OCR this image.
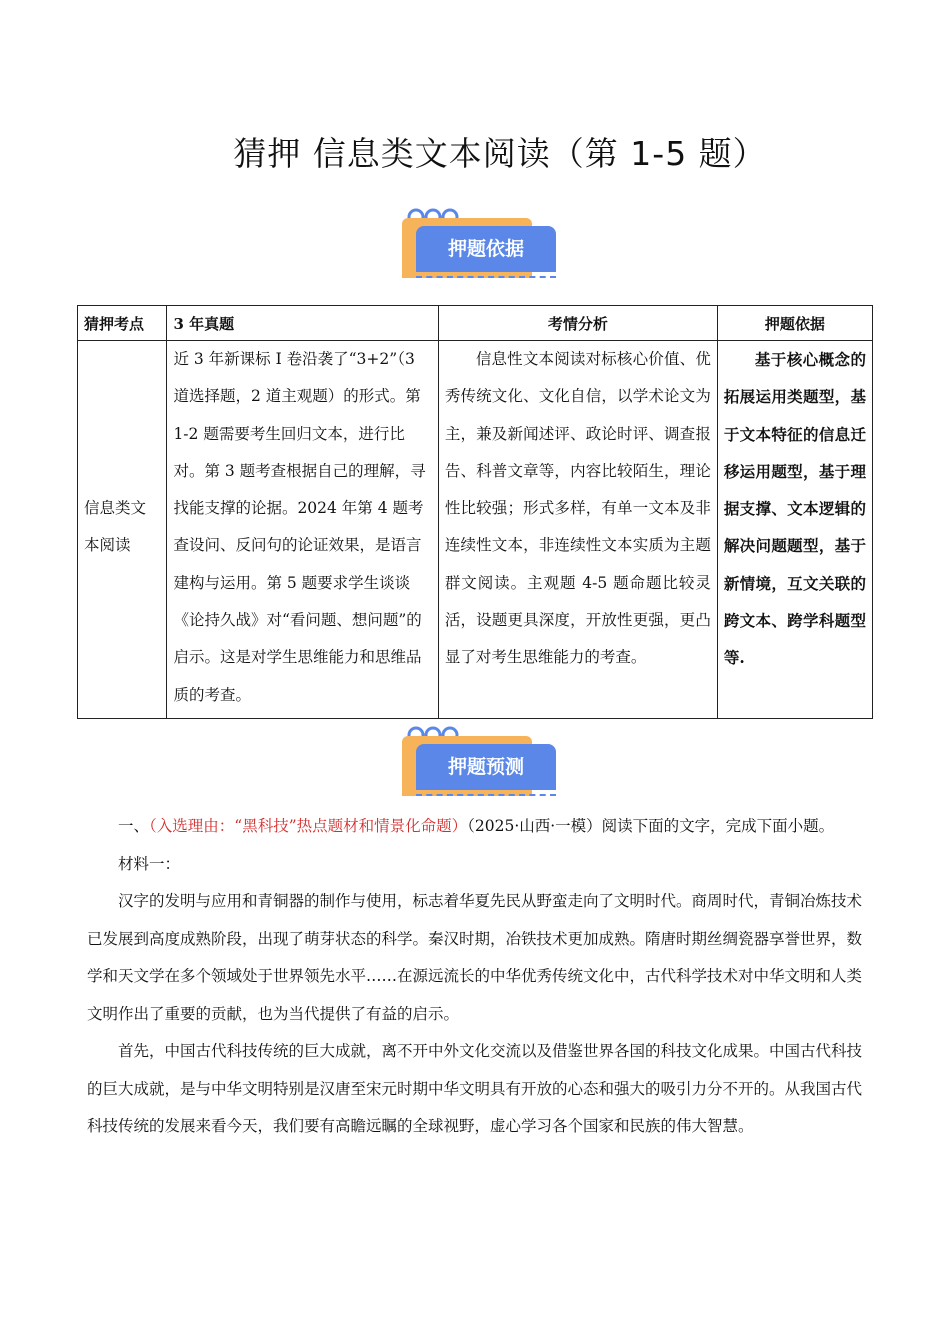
猜押 信息类文本阅读（第 1-5 题）
押题依据
猜押考点	3 年真题	考情分析	押题依据
信息类文本阅读	近 3 年新课标 I 卷沿袭了“3+2”（3 道选择题，2 道主观题）的形式。第 1-2 题需要考生回归文本，进行比对。第 3 题考查根据自己的理解，寻找能支撑的论据。2024 年第 4 题考查设问、反问句的论证效果，是语言建构与运用。第 5 题要求学生谈谈《论持久战》对“看问题、想问题”的启示。这是对学生思维能力和思维品质的考查。	信息性文本阅读对标核心价值、优秀传统文化、文化自信，以学术论文为主，兼及新闻述评、政论时评、调查报告、科普文章等，内容比较陌生，理论性比较强；形式多样，有单一文本及非连续性文本，非连续性文本实质为主题群文阅读。主观题 4-5 题命题比较灵活，设题更具深度，开放性更强，更凸显了对考生思维能力的考查。	基于核心概念的拓展运用类题型，基于文本特征的信息迁移运用题型，基于理据支撑、文本逻辑的解决问题题型，基于新情境，互文关联的跨文本、跨学科题型等.
押题预测

一、（入选理由：“黑科技”热点题材和情景化命题）（2025·山西·一模）阅读下面的文字，完成下面小题。

材料一：

汉字的发明与应用和青铜器的制作与使用，标志着华夏先民从野蛮走向了文明时代。商周时代，青铜冶炼技术已发展到高度成熟阶段，出现了萌芽状态的科学。秦汉时期，冶铁技术更加成熟。隋唐时期丝绸瓷器享誉世界，数学和天文学在多个领域处于世界领先水平……在源远流长的中华优秀传统文化中，古代科学技术对中华文明和人类文明作出了重要的贡献，也为当代提供了有益的启示。

首先，中国古代科技传统的巨大成就，离不开中外文化交流以及借鉴世界各国的科技文化成果。中国古代科技的巨大成就，是与中华文明特别是汉唐至宋元时期中华文明具有开放的心态和强大的吸引力分不开的。从我国古代科技传统的发展来看今天，我们要有高瞻远瞩的全球视野，虚心学习各个国家和民族的伟大智慧。
